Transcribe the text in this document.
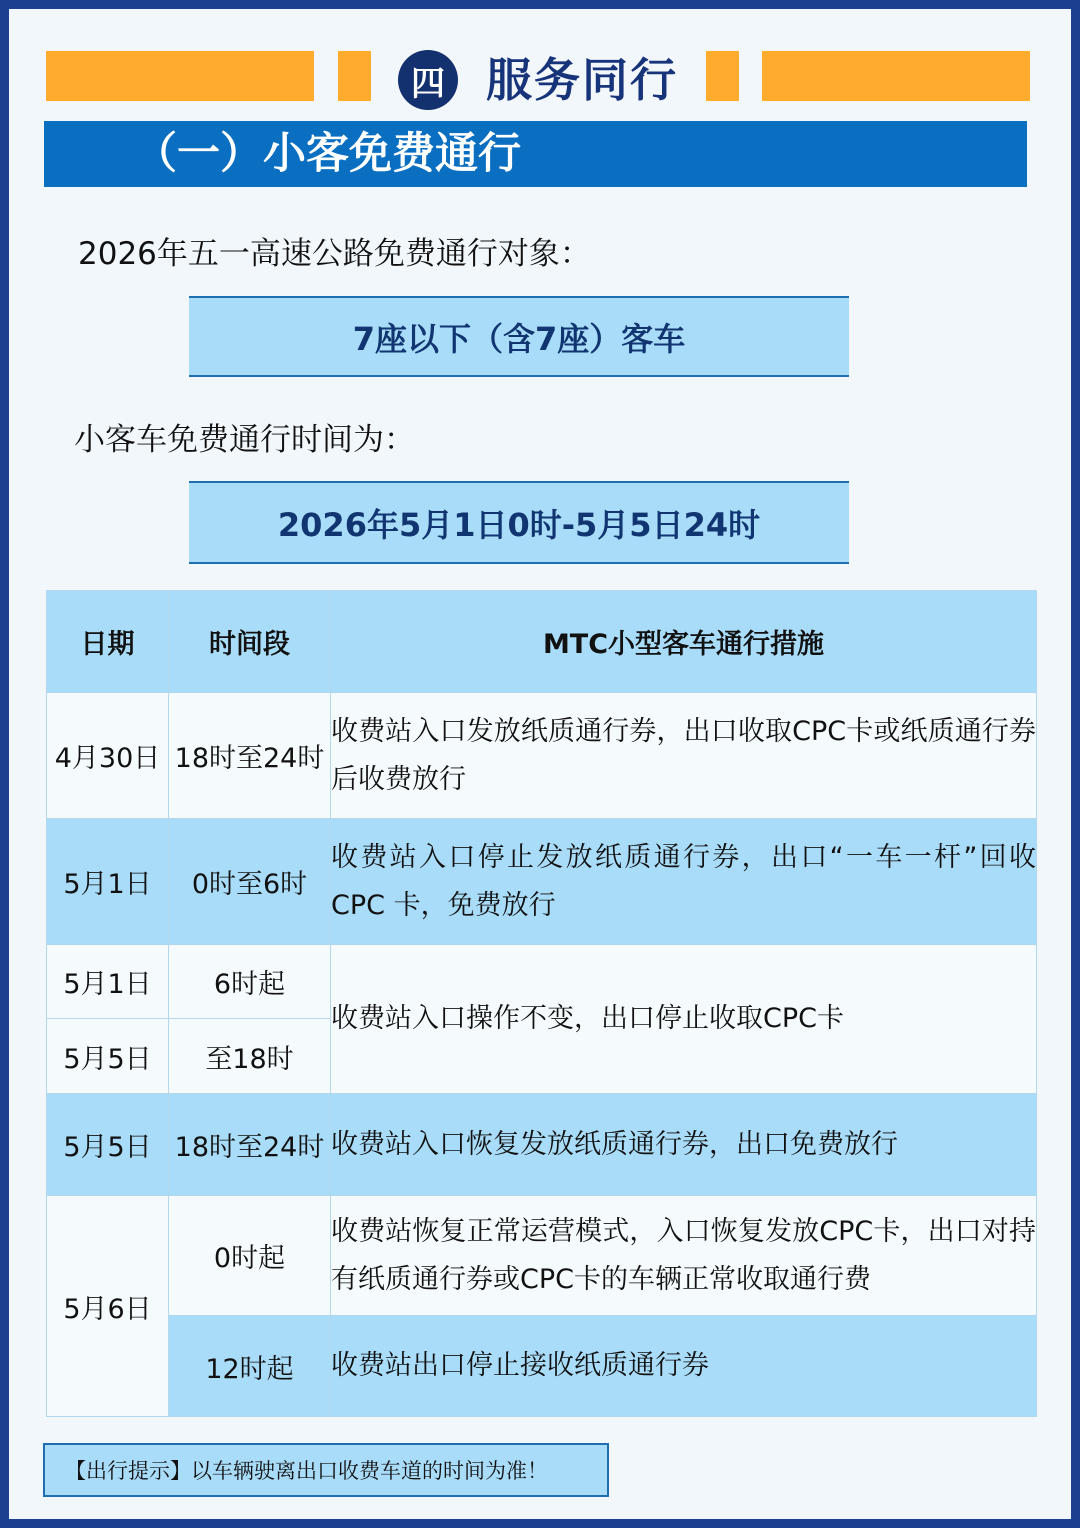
四 服务同行
（一）小客免费通行
2026年五一高速公路免费通行对象：
7座以下（含7座）客车
小客车免费通行时间为：
2026年5月1日0时-5月5日24时
日期	时间段	MTC小型客车通行措施
4月30日	18时至24时	收费站入口发放纸质通行券，出口收取CPC卡或纸质通行券后收费放行
5月1日	0时至6时	收费站入口停止发放纸质通行券，出口“一车一杆”回收 CPC 卡，免费放行
5月1日	6时起	收费站入口操作不变，出口停止收取CPC卡
5月5日	至18时	
5月5日	18时至24时	收费站入口恢复发放纸质通行券，出口免费放行
5月6日	0时起	收费站恢复正常运营模式，入口恢复发放CPC卡，出口对持有纸质通行券或CPC卡的车辆正常收取通行费
	12时起	收费站出口停止接收纸质通行券
【出行提示】以车辆驶离出口收费车道的时间为准！
